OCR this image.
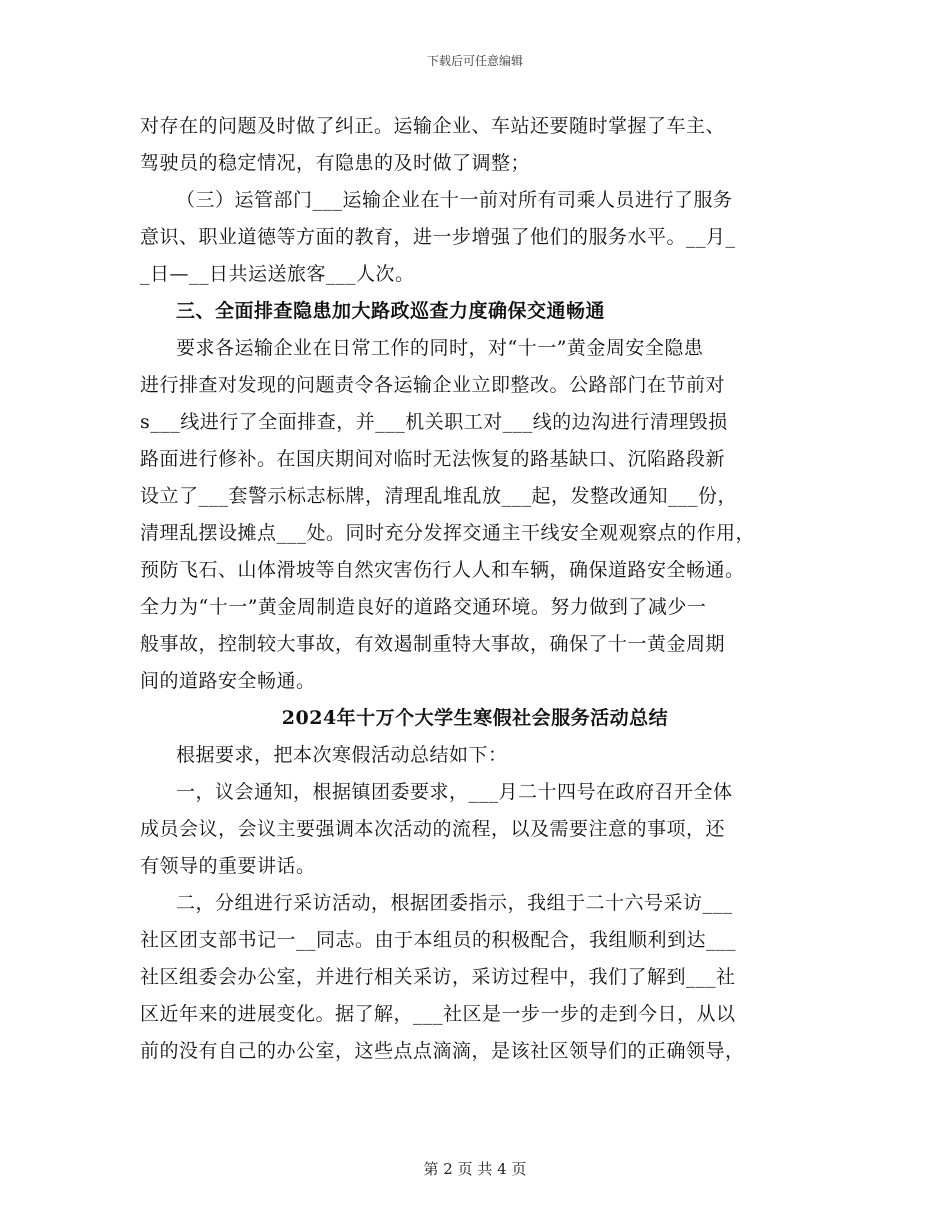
下载后可任意编辑
对存在的问题及时做了纠正。运输企业、车站还要随时掌握了车主、
驾驶员的稳定情况，有隐患的及时做了调整；
（三）运管部门___运输企业在十一前对所有司乘人员进行了服务
意识、职业道德等方面的教育，进一步增强了他们的服务水平。__月_
_日—__日共运送旅客___人次。
三、全面排查隐患加大路政巡查力度确保交通畅通
要求各运输企业在日常工作的同时，对“十一”黄金周安全隐患
进行排查对发现的问题责令各运输企业立即整改。公路部门在节前对
s___线进行了全面排查，并___机关职工对___线的边沟进行清理毁损
路面进行修补。在国庆期间对临时无法恢复的路基缺口、沉陷路段新
设立了___套警示标志标牌，清理乱堆乱放___起，发整改通知___份，
清理乱摆设摊点___处。同时充分发挥交通主干线安全观观察点的作用，
预防飞石、山体滑坡等自然灾害伤行人人和车辆，确保道路安全畅通。
全力为“十一”黄金周制造良好的道路交通环境。努力做到了减少一
般事故，控制较大事故，有效遏制重特大事故，确保了十一黄金周期
间的道路安全畅通。
2024年十万个大学生寒假社会服务活动总结
根据要求，把本次寒假活动总结如下：
一，议会通知，根据镇团委要求，___月二十四号在政府召开全体
成员会议，会议主要强调本次活动的流程，以及需要注意的事项，还
有领导的重要讲话。
二，分组进行采访活动，根据团委指示，我组于二十六号采访___
社区团支部书记一__同志。由于本组员的积极配合，我组顺利到达___
社区组委会办公室，并进行相关采访，采访过程中，我们了解到___社
区近年来的进展变化。据了解，___社区是一步一步的走到今日，从以
前的没有自己的办公室，这些点点滴滴，是该社区领导们的正确领导，
第 2 页 共 4 页
